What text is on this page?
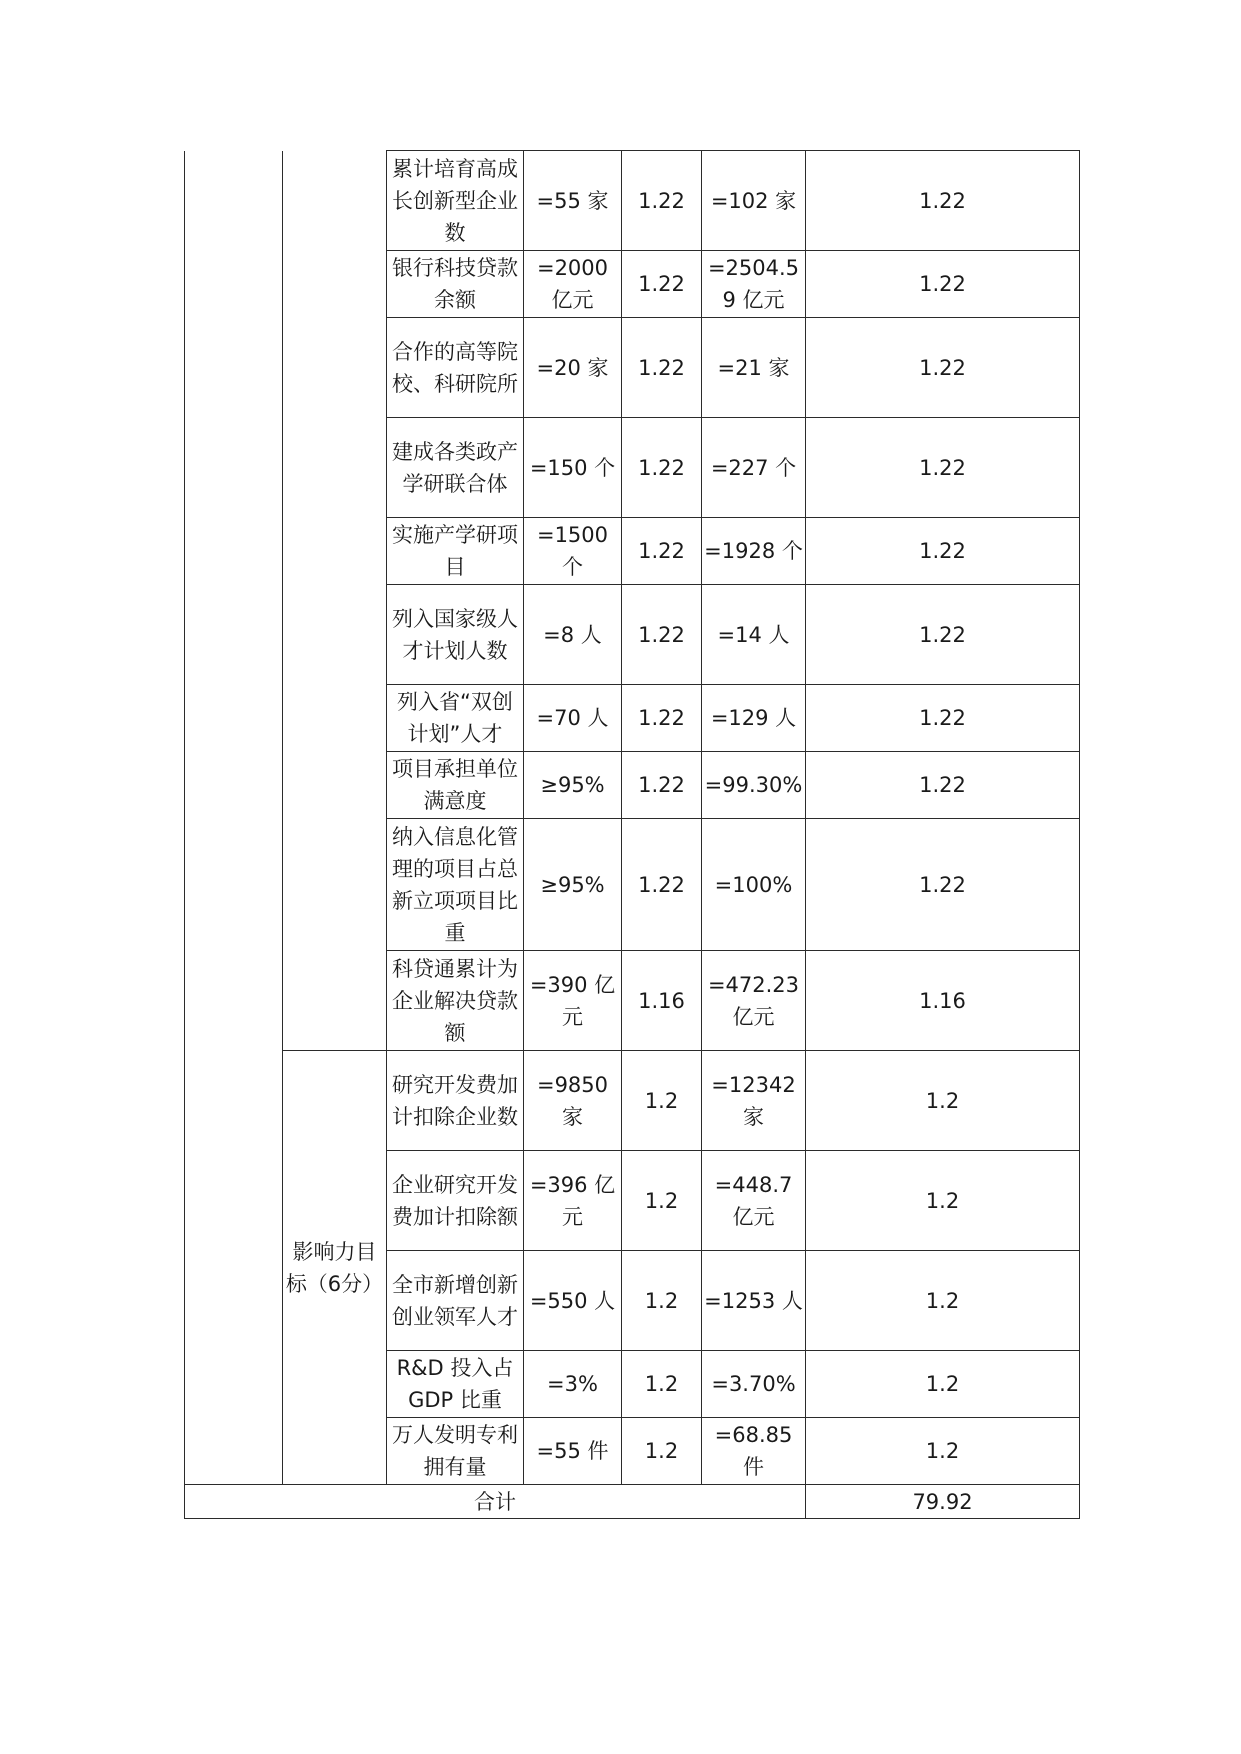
		累计培育高成长创新型企业数	=55 家	1.22	=102 家	1.22
		银行科技贷款余额	=2000 亿元	1.22	=2504.59 亿元	1.22
		合作的高等院校、科研院所	=20 家	1.22	=21 家	1.22
		建成各类政产学研联合体	=150 个	1.22	=227 个	1.22
		实施产学研项目	=1500 个	1.22	=1928 个	1.22
		列入国家级人才计划人数	=8 人	1.22	=14 人	1.22
		列入省“双创计划”人才	=70 人	1.22	=129 人	1.22
		项目承担单位满意度	≥95%	1.22	=99.30%	1.22
		纳入信息化管理的项目占总新立项项目比重	≥95%	1.22	=100%	1.22
		科贷通累计为企业解决贷款额	=390 亿元	1.16	=472.23 亿元	1.16
	影响力目标（6分）	研究开发费加计扣除企业数	=9850 家	1.2	=12342 家	1.2
		企业研究开发费加计扣除额	=396 亿元	1.2	=448.7 亿元	1.2
		全市新增创新创业领军人才	=550 人	1.2	=1253 人	1.2
		R&D 投入占 GDP 比重	=3%	1.2	=3.70%	1.2
		万人发明专利拥有量	=55 件	1.2	=68.85 件	1.2
合计						79.92
